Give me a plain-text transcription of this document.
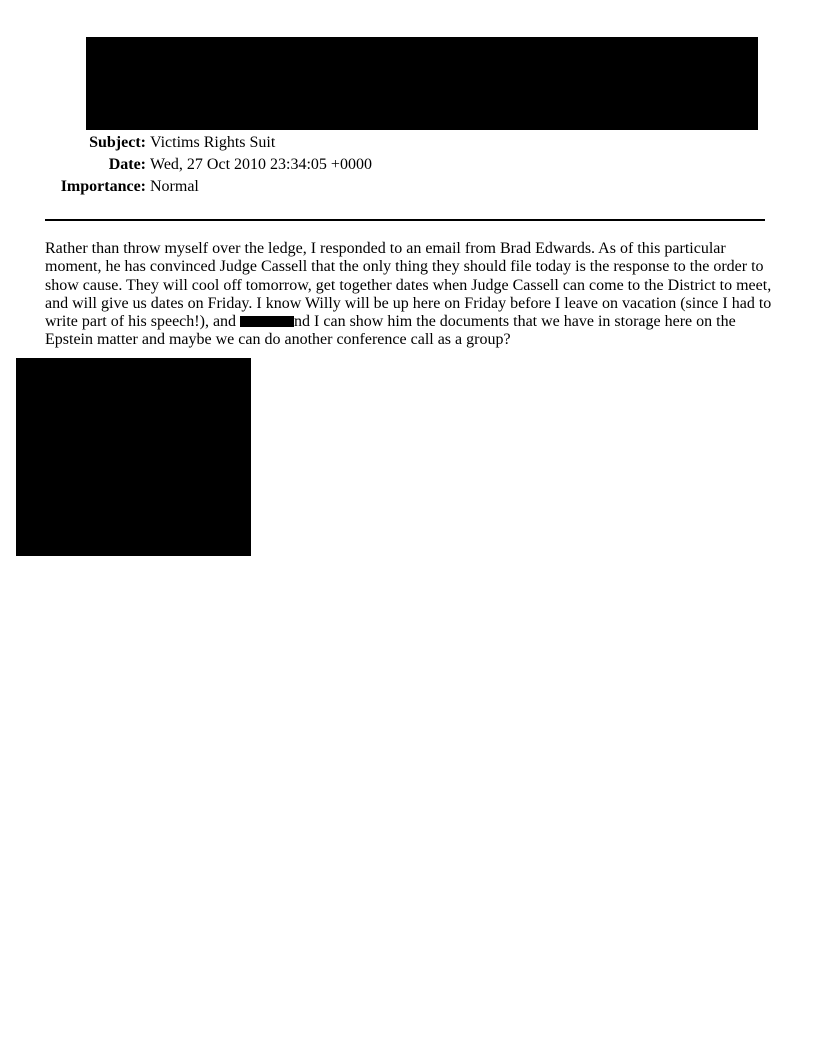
Subject: Victims Rights Suit
Date: Wed, 27 Oct 2010 23:34:05 +0000
Importance: Normal

Rather than throw myself over the ledge, I responded to an email from Brad Edwards. As of this particular moment, he has convinced Judge Cassell that the only thing they should file today is the response to the order to show cause. They will cool off tomorrow, get together dates when Judge Cassell can come to the District to meet, and will give us dates on Friday. I know Willy will be up here on Friday before I leave on vacation (since I had to write part of his speech!), and	nd I can show him the documents that we have in storage here on the Epstein matter and maybe we can do another conference call as a group?
